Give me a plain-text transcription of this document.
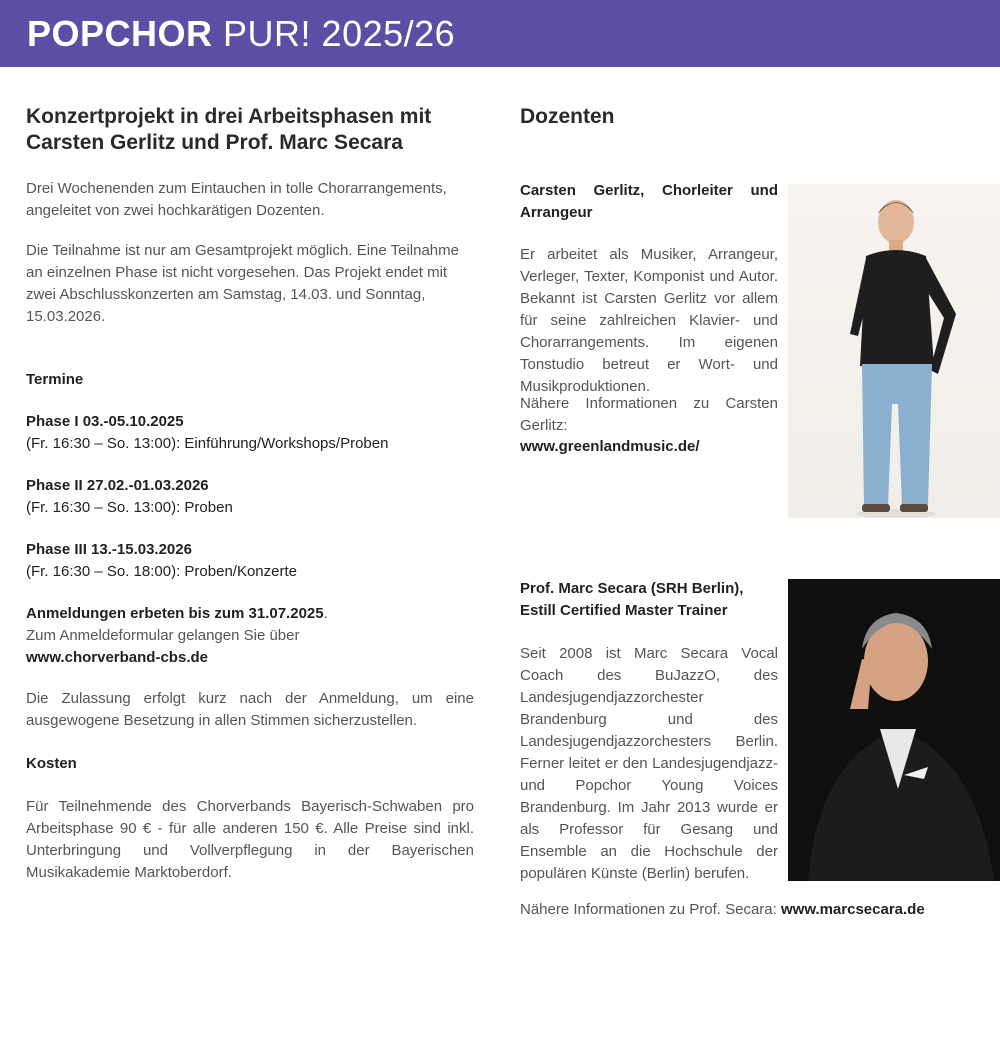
POPCHOR PUR! 2025/26
Konzertprojekt in drei Arbeitsphasen mit
Carsten Gerlitz und Prof. Marc Secara

Drei Wochenenden zum Eintauchen in tolle Chorarrangements, angeleitet von zwei hochkarätigen Dozenten.

Die Teilnahme ist nur am Gesamtprojekt möglich. Eine Teilnahme an einzelnen Phase ist nicht vorgesehen. Das Projekt endet mit zwei Abschlusskonzerten am Samstag, 14.03. und Sonntag, 15.03.2026.

Termine

Phase I 03.-05.10.2025

(Fr. 16:30 – So. 13:00): Einführung/Workshops/Proben

Phase II 27.02.-01.03.2026

(Fr. 16:30 – So. 13:00): Proben

Phase III 13.-15.03.2026

(Fr. 16:30 – So. 18:00): Proben/Konzerte

Anmeldungen erbeten bis zum 31.07.2025.

Zum Anmeldeformular gelangen Sie über

www.chorverband-cbs.de

Die Zulassung erfolgt kurz nach der Anmeldung, um eine ausgewogene Besetzung in allen Stimmen sicherzustellen.

Kosten

Für Teilnehmende des Chorverbands Bayerisch-Schwaben pro Arbeitsphase 90 € - für alle anderen 150 €. Alle Preise sind inkl. Unterbringung und Vollverpflegung in der Bayerischen Musikakademie Marktoberdorf.

Dozenten

Carsten Gerlitz, Chorleiter und Arrangeur

Er arbeitet als Musiker, Arrangeur, Verleger, Texter, Komponist und Autor. Bekannt ist Carsten Gerlitz vor allem für seine zahlreichen Klavier- und Chorarrangements. Im eigenen Tonstudio betreut er Wort- und Musikproduktionen.

Nähere Informationen zu Carsten Gerlitz:

www.greenlandmusic.de/

Prof. Marc Secara (SRH Berlin),

Estill Certified Master Trainer

Seit 2008 ist Marc Secara Vocal Coach des BuJazzO, des Landesjugendjazzorchester Brandenburg und des Landesjugendjazzorchesters Berlin. Ferner leitet er den Landesjugendjazz- und Popchor Young Voices Brandenburg. Im Jahr 2013 wurde er als Professor für Gesang und Ensemble an die Hochschule der populären Künste (Berlin) berufen.

Nähere Informationen zu Prof. Secara: www.marcsecara.de
